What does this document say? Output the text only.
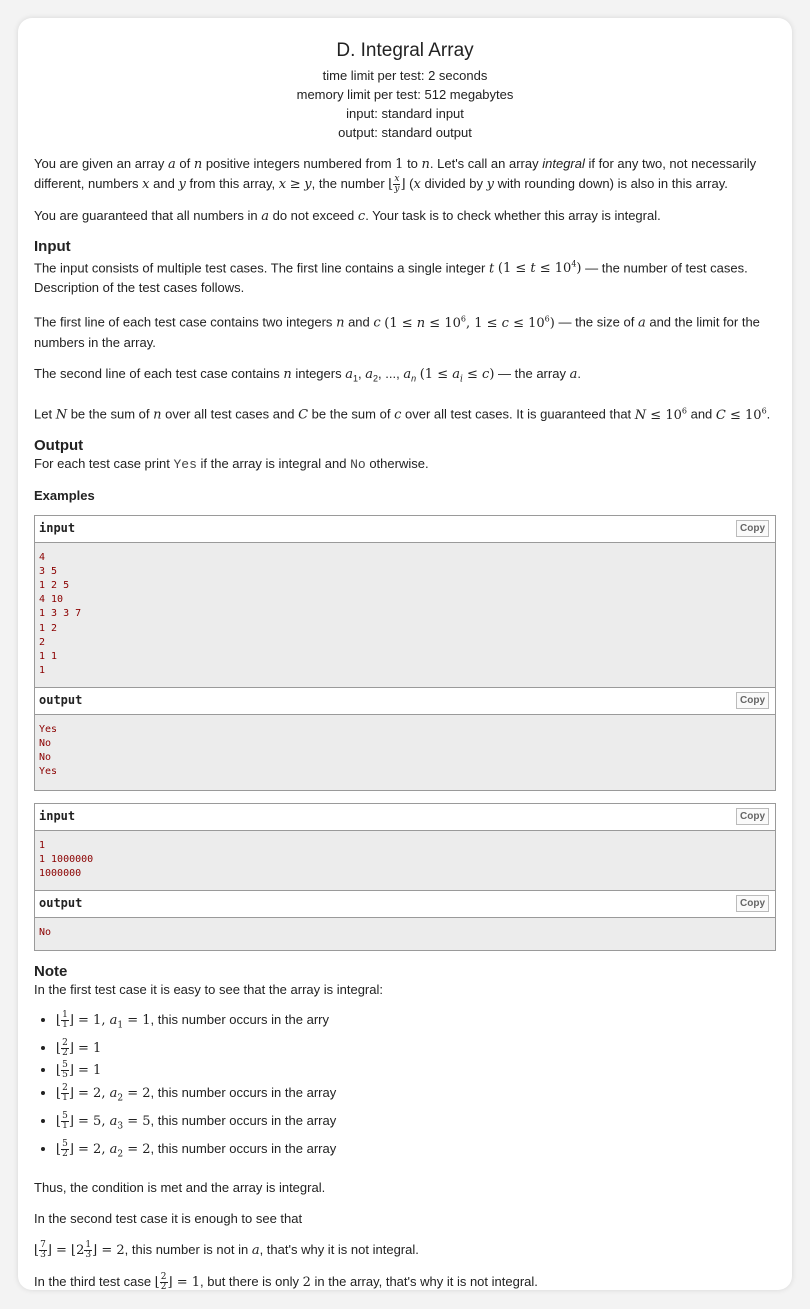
D. Integral Array
time limit per test: 2 seconds
memory limit per test: 512 megabytes
input: standard input
output: standard output

You are given an array a of n positive integers numbered from 1 to n. Let's call an array integral if for any two, not necessarily different, numbers x and y from this array, x ≥ y, the number ⌊ $\frac{x}{y}$ ⌋ (x divided by y with rounding down) is also in this array.

You are guaranteed that all numbers in a do not exceed c. Your task is to check whether this array is integral.

Input

The input consists of multiple test cases. The first line contains a single integer t $(1 \le t \le 10^4)$ — the number of test cases. Description of the test cases follows.

The first line of each test case contains two integers n and c ($1 \le n \le 10^6$, $1 \le c \le 10^6$) — the size of a and the limit for the numbers in the array.

The second line of each test case contains n integers $a_1$, $a_2$, ..., $a_n$ $(1 \le a_i \le c)$ — the array a.

Let N be the sum of n over all test cases and C be the sum of c over all test cases. It is guaranteed that $N \le 10^6$ and $C \le 10^6$.

Output

For each test case print Yes if the array is integral and No otherwise.

Examples
input	Copy
4
3 5
1 2 5
4 10
1 3 3 7
1 2
2
1 1
1
output	Copy
Yes
No
No
Yes
input	Copy
1
1 1000000
1000000
output	Copy
No
Note

In the first test case it is easy to see that the array is integral:

• ⌊ $\frac{1}{1}$ ⌋ = 1, $a_1 = 1$, this number occurs in the arry
• ⌊ $\frac{2}{2}$ ⌋ = 1
• ⌊ $\frac{5}{5}$ ⌋ = 1
• ⌊ $\frac{2}{1}$ ⌋ = 2, $a_2 = 2$, this number occurs in the array
• ⌊ $\frac{5}{1}$ ⌋ = 5, $a_3 = 5$, this number occurs in the array
• ⌊ $\frac{5}{2}$ ⌋ = 2, $a_2 = 2$, this number occurs in the array

Thus, the condition is met and the array is integral.

In the second test case it is enough to see that

⌊ $\frac{7}{3}$ ⌋ = ⌊2 $\frac{1}{3}$ ⌋ = 2, this number is not in a, that's why it is not integral.

In the third test case ⌊ $\frac{2}{2}$ ⌋ = 1, but there is only 2 in the array, that's why it is not integral.
